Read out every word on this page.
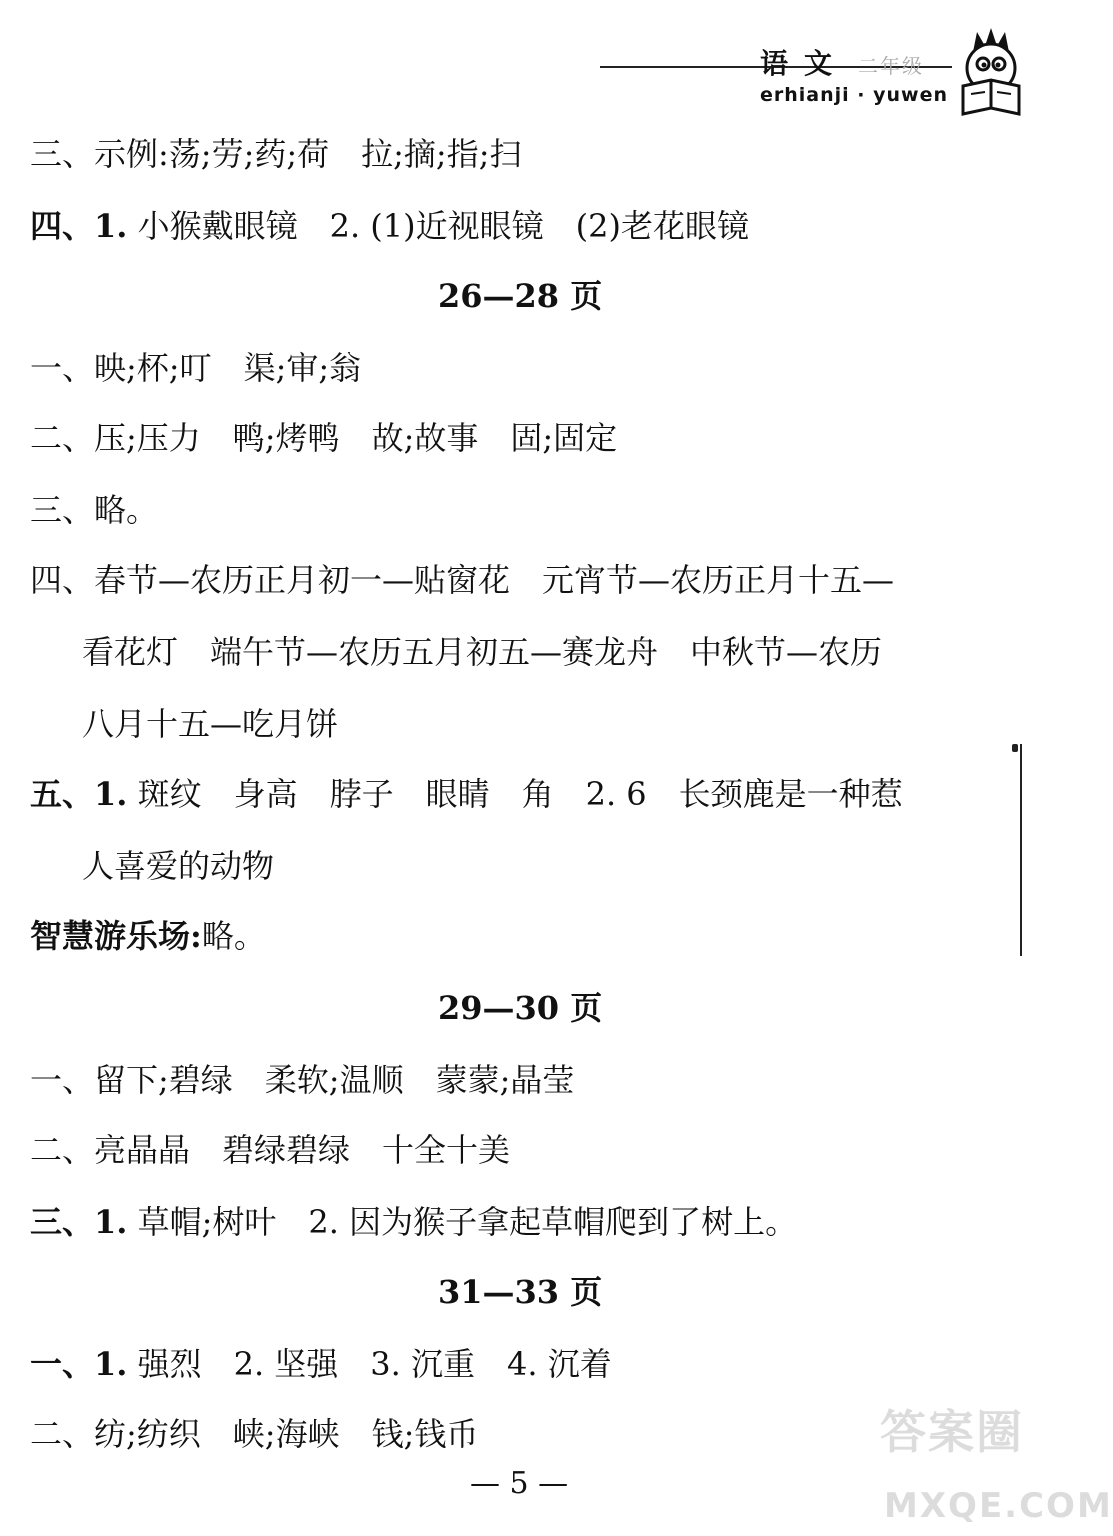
语文 二年级
erhianji · yuwen
三、示例:荡;劳;药;荷　拉;摘;指;扫
四、1. 小猴戴眼镜　2. (1)近视眼镜　(2)老花眼镜
26—28 页
一、映;杯;叮　渠;审;翁
二、压;压力　鸭;烤鸭　故;故事　固;固定
三、略。
四、春节—农历正月初一—贴窗花　元宵节—农历正月十五—
看花灯　端午节—农历五月初五—赛龙舟　中秋节—农历
八月十五—吃月饼
五、1. 斑纹　身高　脖子　眼睛　角　2. 6　长颈鹿是一种惹
人喜爱的动物
智慧游乐场:略。
29—30 页
一、留下;碧绿　柔软;温顺　蒙蒙;晶莹
二、亮晶晶　碧绿碧绿　十全十美
三、1. 草帽;树叶　2. 因为猴子拿起草帽爬到了树上。
31—33 页
一、1. 强烈　2. 坚强　3. 沉重　4. 沉着
二、纺;纺织　峡;海峡　钱;钱币
— 5 —
答案圈
MXQE.COM
